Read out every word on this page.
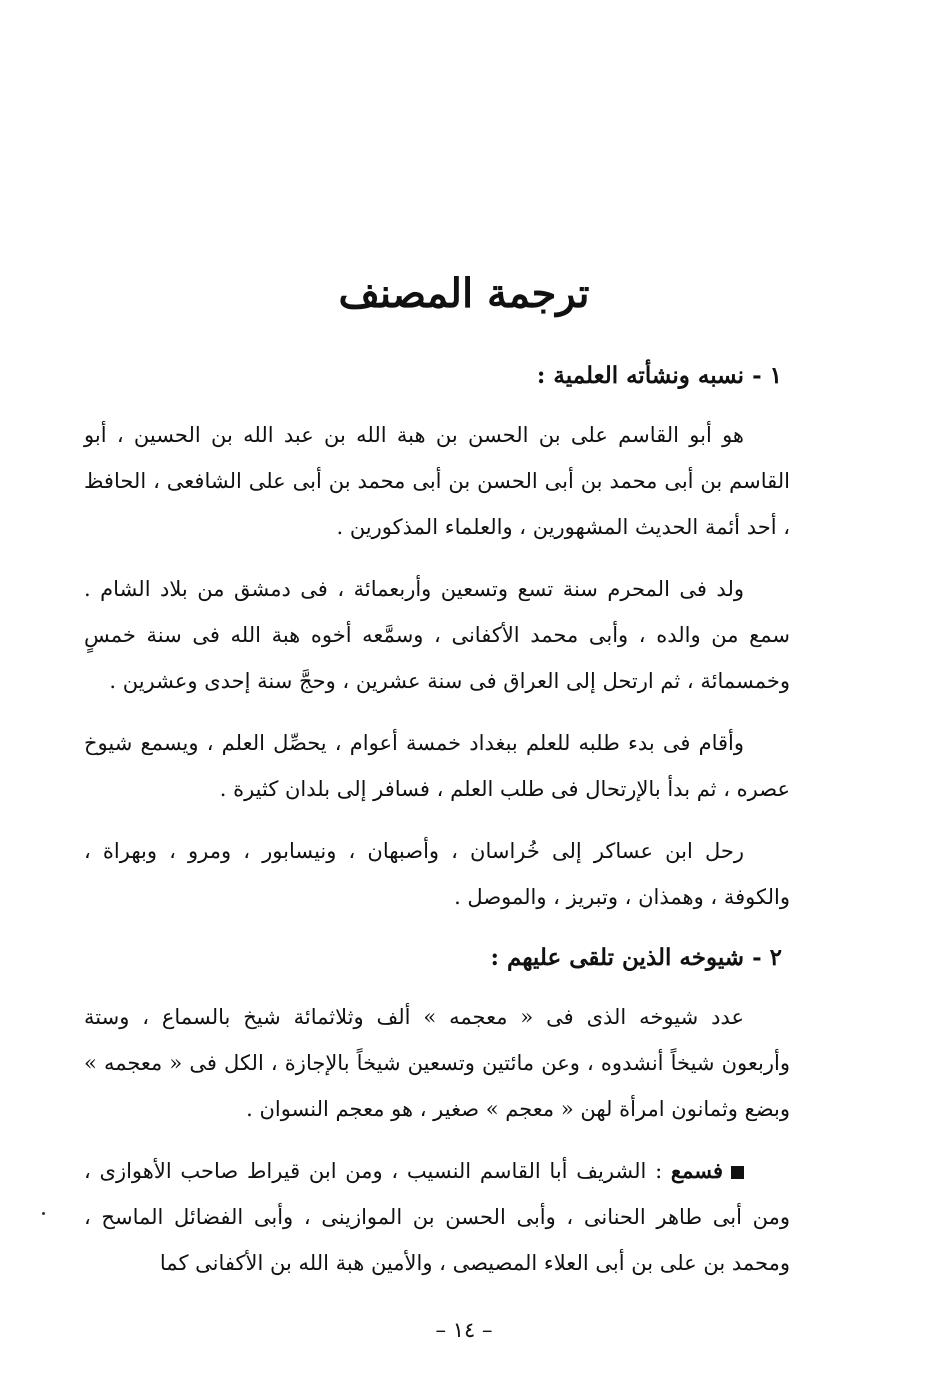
ترجمة المصنف
١ - نسبه ونشأته العلمية :

هو أبو القاسم على بن الحسن بن هبة الله بن عبد الله بن الحسين ، أبو القاسم بن أبى محمد بن أبى الحسن بن أبى محمد بن أبى على الشافعى ، الحافظ ، أحد أئمة الحديث المشهورين ، والعلماء المذكورين .

ولد فى المحرم سنة تسع وتسعين وأربعمائة ، فى دمشق من بلاد الشام . سمع من والده ، وأبى محمد الأكفانى ، وسمَّعه أخوه هبة الله فى سنة خمسٍ وخمسمائة ، ثم ارتحل إلى العراق فى سنة عشرين ، وحجَّ سنة إحدى وعشرين .

وأقام فى بدء طلبه للعلم ببغداد خمسة أعوام ، يحصِّل العلم ، ويسمع شيوخ عصره ، ثم بدأ بالإرتحال فى طلب العلم ، فسافر إلى بلدان كثيرة .

رحل ابن عساكر إلى خُراسان ، وأصبهان ، ونيسابور ، ومرو ، وبهراة ، والكوفة ، وهمذان ، وتبريز ، والموصل .

٢ - شيوخه الذين تلقى عليهم :

عدد شيوخه الذى فى « معجمه » ألف وثلاثمائة شيخ بالسماع ، وستة وأربعون شيخاً أنشدوه ، وعن مائتين وتسعين شيخاً بالإجازة ، الكل فى « معجمه » وبضع وثمانون امرأة لهن « معجم » صغير ، هو معجم النسوان .

فسمع : الشريف أبا القاسم النسيب ، ومن ابن قيراط صاحب الأهوازى ، ومن أبى طاهر الحنانى ، وأبى الحسن بن الموازينى ، وأبى الفضائل الماسح ، ومحمد بن على بن أبى العلاء المصيصى ، والأمين هبة الله بن الأكفانى كما

– ١٤ –
